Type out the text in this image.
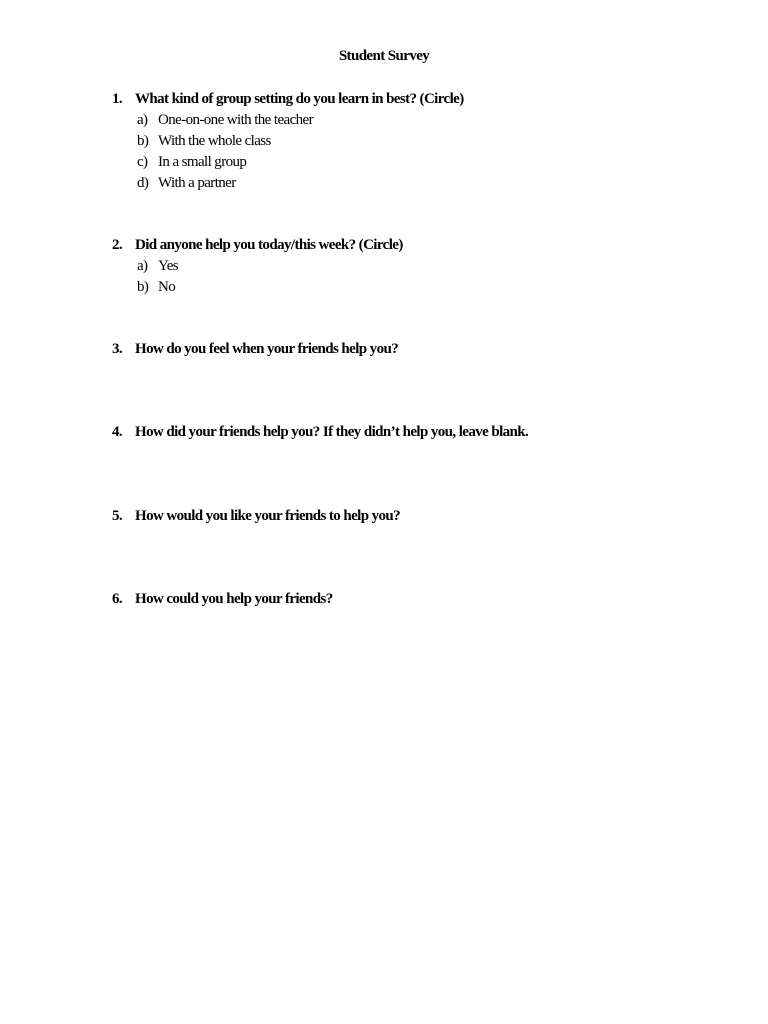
Student Survey
1. What kind of group setting do you learn in best? (Circle)
a) One-on-one with the teacher
b) With the whole class
c) In a small group
d) With a partner
2. Did anyone help you today/this week? (Circle)
a) Yes
b) No
3. How do you feel when your friends help you?
4. How did your friends help you? If they didn’t help you, leave blank.
5. How would you like your friends to help you?
6. How could you help your friends?
